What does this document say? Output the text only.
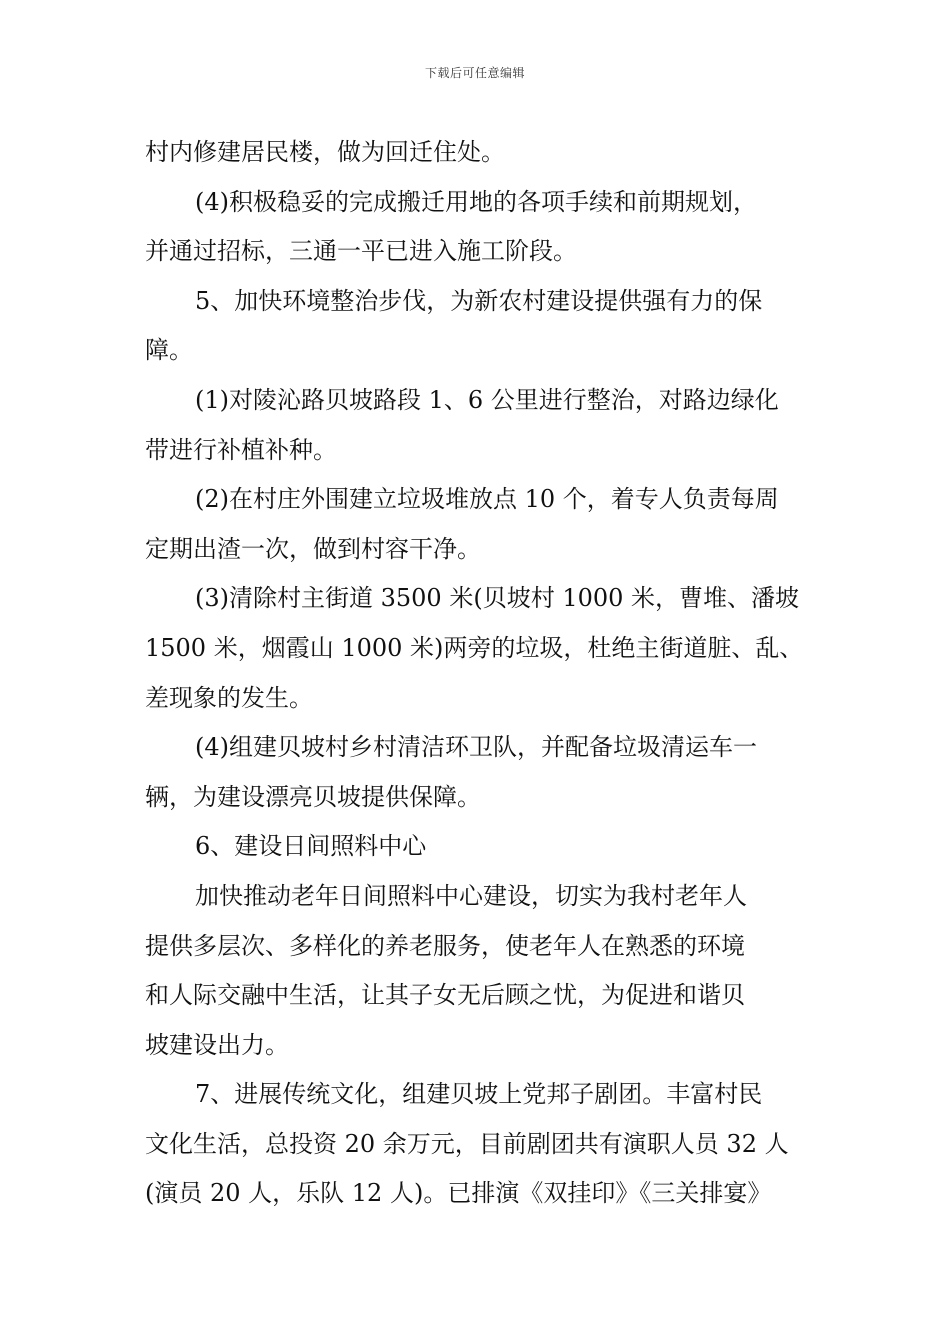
下载后可任意编辑
村内修建居民楼，做为回迁住处。
(4)积极稳妥的完成搬迁用地的各项手续和前期规划，
并通过招标，三通一平已进入施工阶段。
5、加快环境整治步伐，为新农村建设提供强有力的保
障。
(1)对陵沁路贝坡路段 1、6 公里进行整治，对路边绿化
带进行补植补种。
(2)在村庄外围建立垃圾堆放点 10 个，着专人负责每周
定期出渣一次，做到村容干净。
(3)清除村主街道 3500 米(贝坡村 1000 米，曹堆、潘坡
1500 米，烟霞山 1000 米)两旁的垃圾，杜绝主街道脏、乱、
差现象的发生。
(4)组建贝坡村乡村清洁环卫队，并配备垃圾清运车一
辆，为建设漂亮贝坡提供保障。
6、建设日间照料中心
加快推动老年日间照料中心建设，切实为我村老年人
提供多层次、多样化的养老服务，使老年人在熟悉的环境
和人际交融中生活，让其子女无后顾之忧，为促进和谐贝
坡建设出力。
7、进展传统文化，组建贝坡上党邦子剧团。丰富村民
文化生活，总投资 20 余万元，目前剧团共有演职人员 32 人
(演员 20 人，乐队 12 人)。已排演《双挂印》《三关排宴》
